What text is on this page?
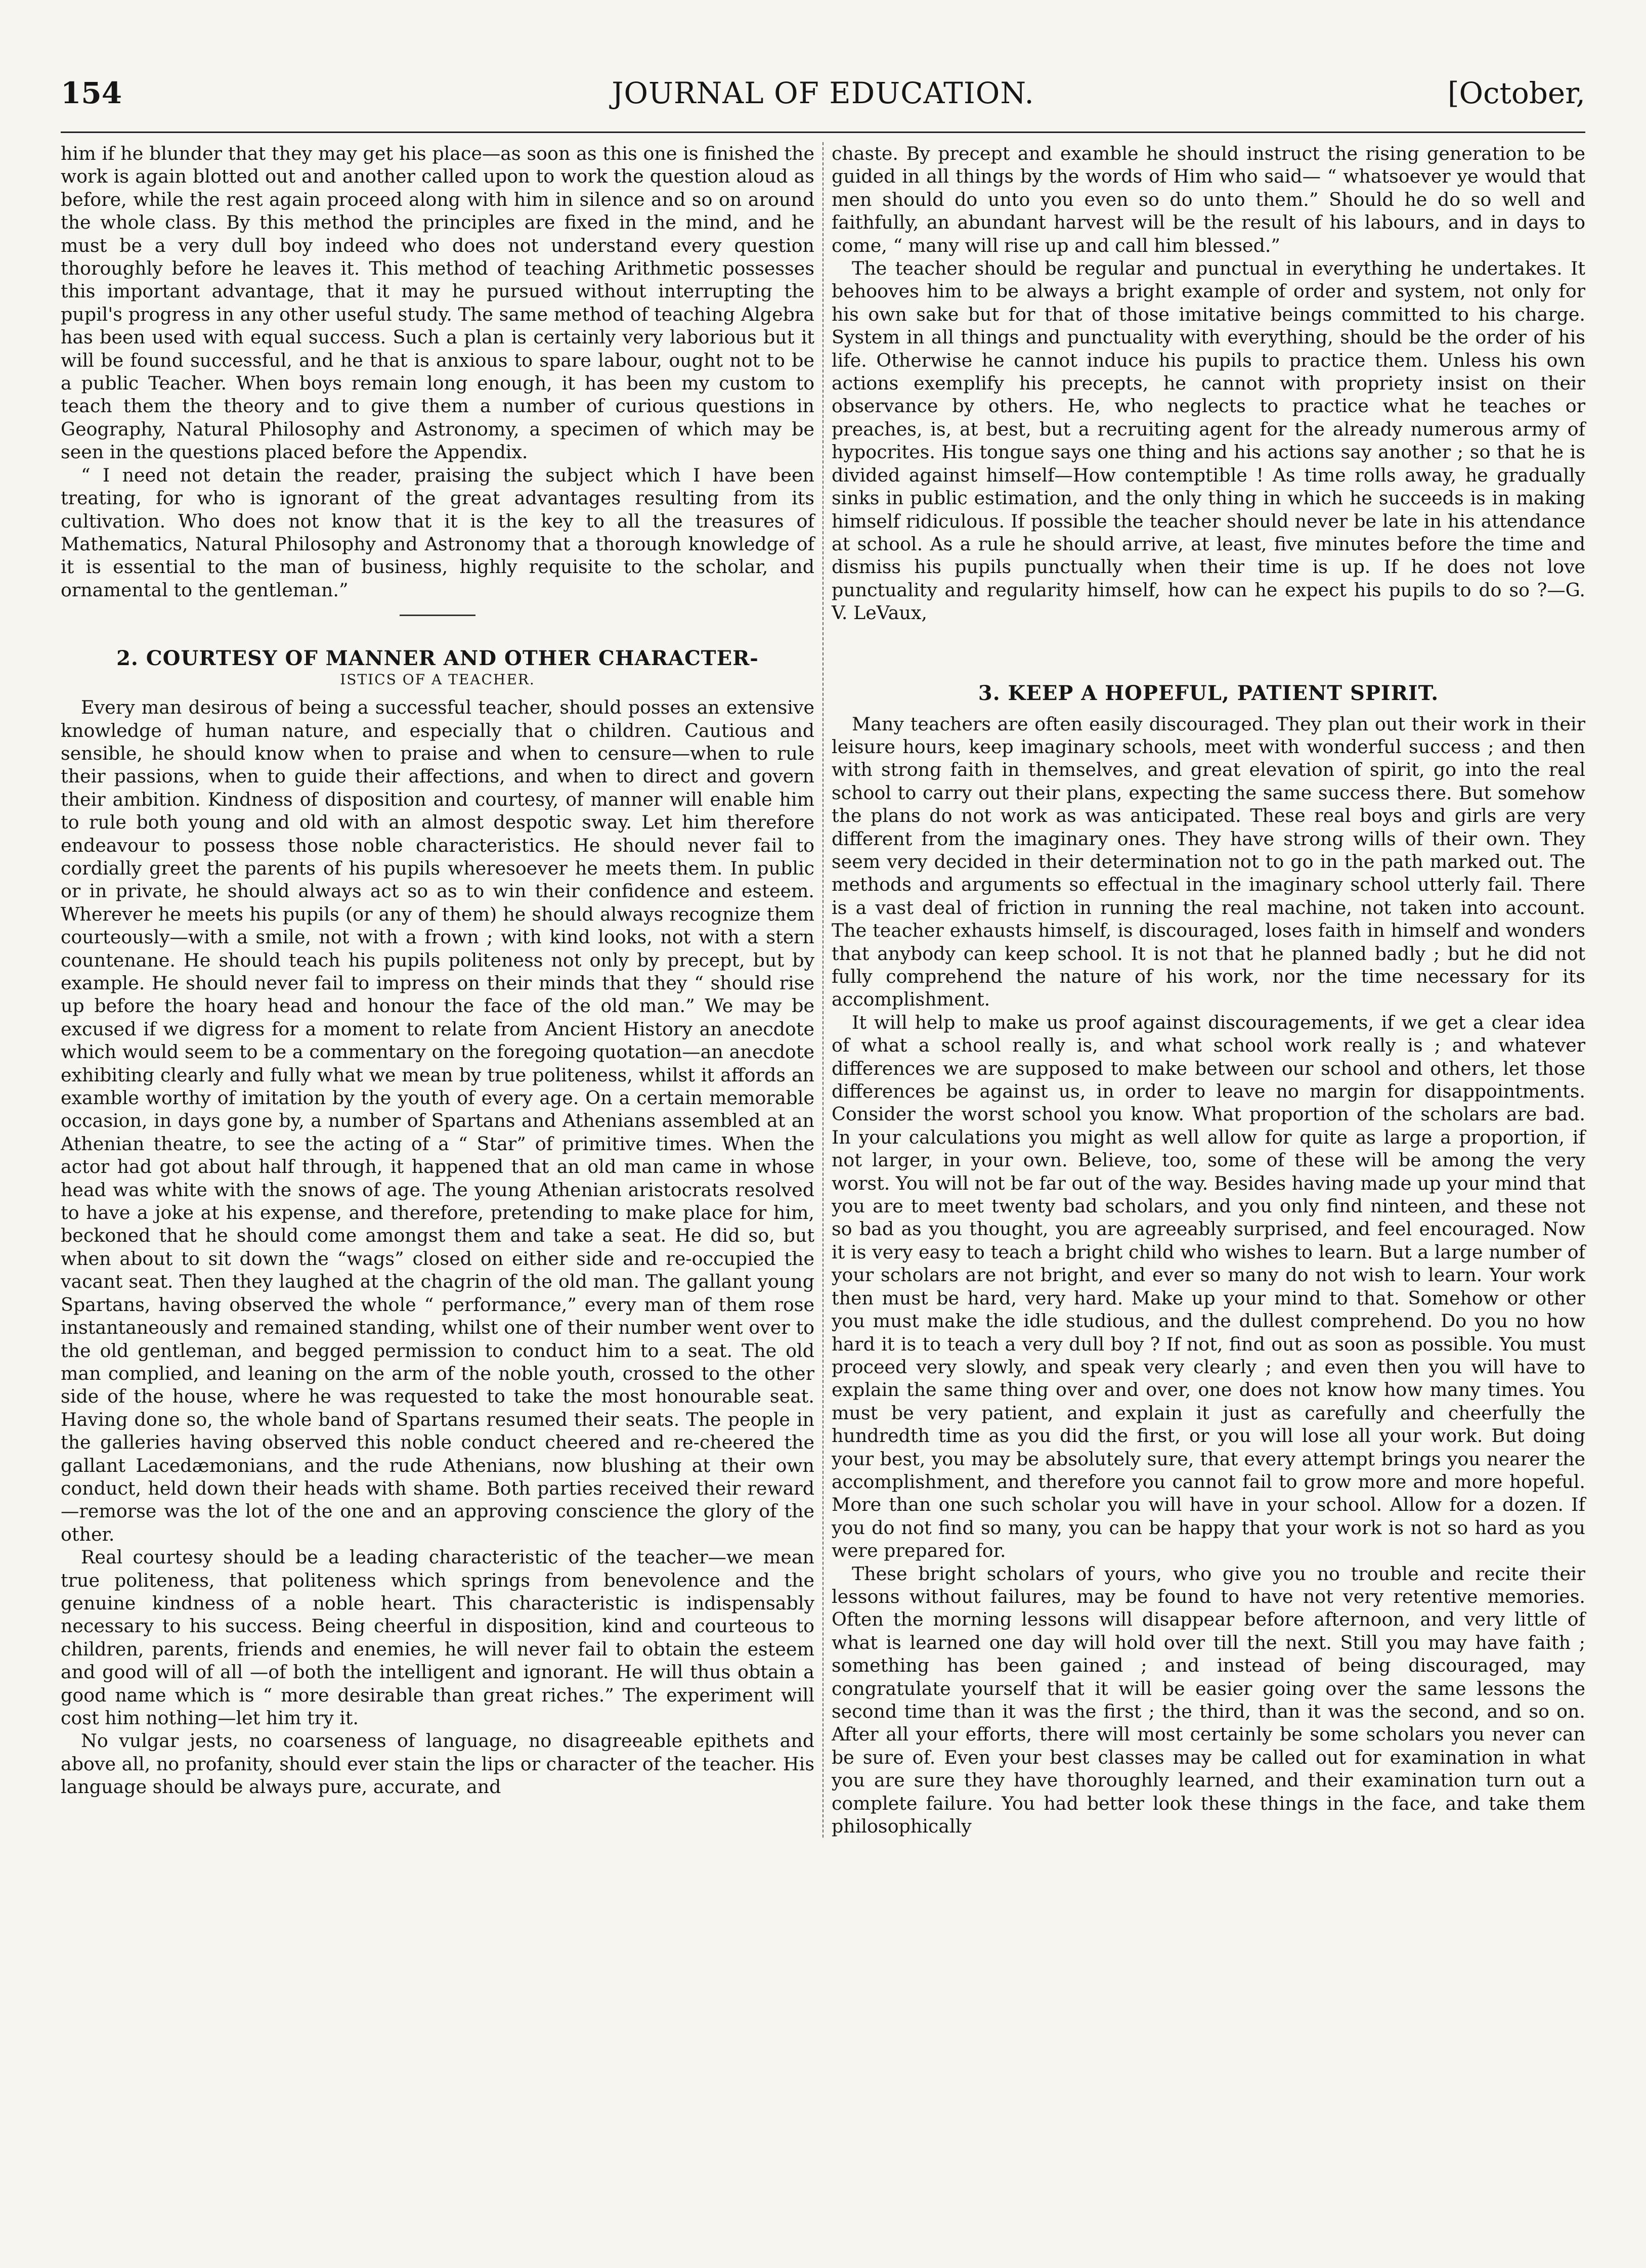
154	JOURNAL OF EDUCATION.	[October,

him if he blunder that they may get his place—as soon as this one is finished the work is again blotted out and another called upon to work the question aloud as before, while the rest again proceed along with him in silence and so on around the whole class. By this method the principles are fixed in the mind, and he must be a very dull boy indeed who does not understand every question thoroughly before he leaves it. This method of teaching Arithmetic possesses this important advantage, that it may he pursued without interrupting the pupil's progress in any other useful study. The same method of teaching Algebra has been used with equal success. Such a plan is certainly very laborious but it will be found successful, and he that is anxious to spare labour, ought not to be a public Teacher. When boys remain long enough, it has been my custom to teach them the theory and to give them a number of curious questions in Geography, Natural Philosophy and Astronomy, a specimen of which may be seen in the questions placed before the Appendix.

“ I need not detain the reader, praising the subject which I have been treating, for who is ignorant of the great advantages resulting from its cultivation. Who does not know that it is the key to all the treasures of Mathematics, Natural Philosophy and Astronomy that a thorough knowledge of it is essential to the man of business, highly requisite to the scholar, and ornamental to the gentleman.”

2. COURTESY OF MANNER AND OTHER CHARACTER-
ISTICS OF A TEACHER.

Every man desirous of being a successful teacher, should posses an extensive knowledge of human nature, and especially that o children. Cautious and sensible, he should know when to praise and when to censure—when to rule their passions, when to guide their affections, and when to direct and govern their ambition. Kindness of disposition and courtesy, of manner will enable him to rule both young and old with an almost despotic sway. Let him therefore endeavour to possess those noble characteristics. He should never fail to cordially greet the parents of his pupils wheresoever he meets them. In public or in private, he should always act so as to win their confidence and esteem. Wherever he meets his pupils (or any of them) he should always recognize them courteously—with a smile, not with a frown ; with kind looks, not with a stern countenane. He should teach his pupils politeness not only by precept, but by example. He should never fail to impress on their minds that they “ should rise up before the hoary head and honour the face of the old man.” We may be excused if we digress for a moment to relate from Ancient History an anecdote which would seem to be a commentary on the foregoing quotation—an anecdote exhibiting clearly and fully what we mean by true politeness, whilst it affords an examble worthy of imitation by the youth of every age. On a certain memorable occasion, in days gone by, a number of Spartans and Athenians assembled at an Athenian theatre, to see the acting of a “ Star” of primitive times. When the actor had got about half through, it happened that an old man came in whose head was white with the snows of age. The young Athenian aristocrats resolved to have a joke at his expense, and therefore, pretending to make place for him, beckoned that he should come amongst them and take a seat. He did so, but when about to sit down the “wags” closed on either side and re-occupied the vacant seat. Then they laughed at the chagrin of the old man. The gallant young Spartans, having observed the whole “ performance,” every man of them rose instantaneously and remained standing, whilst one of their number went over to the old gentleman, and begged permission to conduct him to a seat. The old man complied, and leaning on the arm of the noble youth, crossed to the other side of the house, where he was requested to take the most honourable seat. Having done so, the whole band of Spartans resumed their seats. The people in the galleries having observed this noble conduct cheered and re-cheered the gallant Lacedæmonians, and the rude Athenians, now blushing at their own conduct, held down their heads with shame. Both parties received their reward—remorse was the lot of the one and an approving conscience the glory of the other.

Real courtesy should be a leading characteristic of the teacher—we mean true politeness, that politeness which springs from benevolence and the genuine kindness of a noble heart. This characteristic is indispensably necessary to his success. Being cheerful in disposition, kind and courteous to children, parents, friends and enemies, he will never fail to obtain the esteem and good will of all —of both the intelligent and ignorant. He will thus obtain a good name which is “ more desirable than great riches.” The experiment will cost him nothing—let him try it.

No vulgar jests, no coarseness of language, no disagreeable epithets and above all, no profanity, should ever stain the lips or character of the teacher. His language should be always pure, accurate, and

chaste. By precept and examble he should instruct the rising generation to be guided in all things by the words of Him who said— “ whatsoever ye would that men should do unto you even so do unto them.” Should he do so well and faithfully, an abundant harvest will be the result of his labours, and in days to come, “ many will rise up and call him blessed.”

The teacher should be regular and punctual in everything he undertakes. It behooves him to be always a bright example of order and system, not only for his own sake but for that of those imitative beings committed to his charge. System in all things and punctuality with everything, should be the order of his life. Otherwise he cannot induce his pupils to practice them. Unless his own actions exemplify his precepts, he cannot with propriety insist on their observance by others. He, who neglects to practice what he teaches or preaches, is, at best, but a recruiting agent for the already numerous army of hypocrites. His tongue says one thing and his actions say another ; so that he is divided against himself—How contemptible ! As time rolls away, he gradually sinks in public estimation, and the only thing in which he succeeds is in making himself ridiculous. If possible the teacher should never be late in his attendance at school. As a rule he should arrive, at least, five minutes before the time and dismiss his pupils punctually when their time is up. If he does not love punctuality and regularity himself, how can he expect his pupils to do so ?—G. V. LeVaux,

3. KEEP A HOPEFUL, PATIENT SPIRIT.

Many teachers are often easily discouraged. They plan out their work in their leisure hours, keep imaginary schools, meet with wonderful success ; and then with strong faith in themselves, and great elevation of spirit, go into the real school to carry out their plans, expecting the same success there. But somehow the plans do not work as was anticipated. These real boys and girls are very different from the imaginary ones. They have strong wills of their own. They seem very decided in their determination not to go in the path marked out. The methods and arguments so effectual in the imaginary school utterly fail. There is a vast deal of friction in running the real machine, not taken into account. The teacher exhausts himself, is discouraged, loses faith in himself and wonders that anybody can keep school. It is not that he planned badly ; but he did not fully comprehend the nature of his work, nor the time necessary for its accomplishment.

It will help to make us proof against discouragements, if we get a clear idea of what a school really is, and what school work really is ; and whatever differences we are supposed to make between our school and others, let those differences be against us, in order to leave no margin for disappointments. Consider the worst school you know. What proportion of the scholars are bad. In your calculations you might as well allow for quite as large a proportion, if not larger, in your own. Believe, too, some of these will be among the very worst. You will not be far out of the way. Besides having made up your mind that you are to meet twenty bad scholars, and you only find ninteen, and these not so bad as you thought, you are agreeably surprised, and feel encouraged. Now it is very easy to teach a bright child who wishes to learn. But a large number of your scholars are not bright, and ever so many do not wish to learn. Your work then must be hard, very hard. Make up your mind to that. Somehow or other you must make the idle studious, and the dullest comprehend. Do you no how hard it is to teach a very dull boy ? If not, find out as soon as possible. You must proceed very slowly, and speak very clearly ; and even then you will have to explain the same thing over and over, one does not know how many times. You must be very patient, and explain it just as carefully and cheerfully the hundredth time as you did the first, or you will lose all your work. But doing your best, you may be absolutely sure, that every attempt brings you nearer the accomplishment, and therefore you cannot fail to grow more and more hopeful. More than one such scholar you will have in your school. Allow for a dozen. If you do not find so many, you can be happy that your work is not so hard as you were prepared for.

These bright scholars of yours, who give you no trouble and recite their lessons without failures, may be found to have not very retentive memories. Often the morning lessons will disappear before afternoon, and very little of what is learned one day will hold over till the next. Still you may have faith ; something has been gained ; and instead of being discouraged, may congratulate yourself that it will be easier going over the same lessons the second time than it was the first ; the third, than it was the second, and so on. After all your efforts, there will most certainly be some scholars you never can be sure of. Even your best classes may be called out for examination in what you are sure they have thoroughly learned, and their examination turn out a complete failure. You had better look these things in the face, and take them philosophically
